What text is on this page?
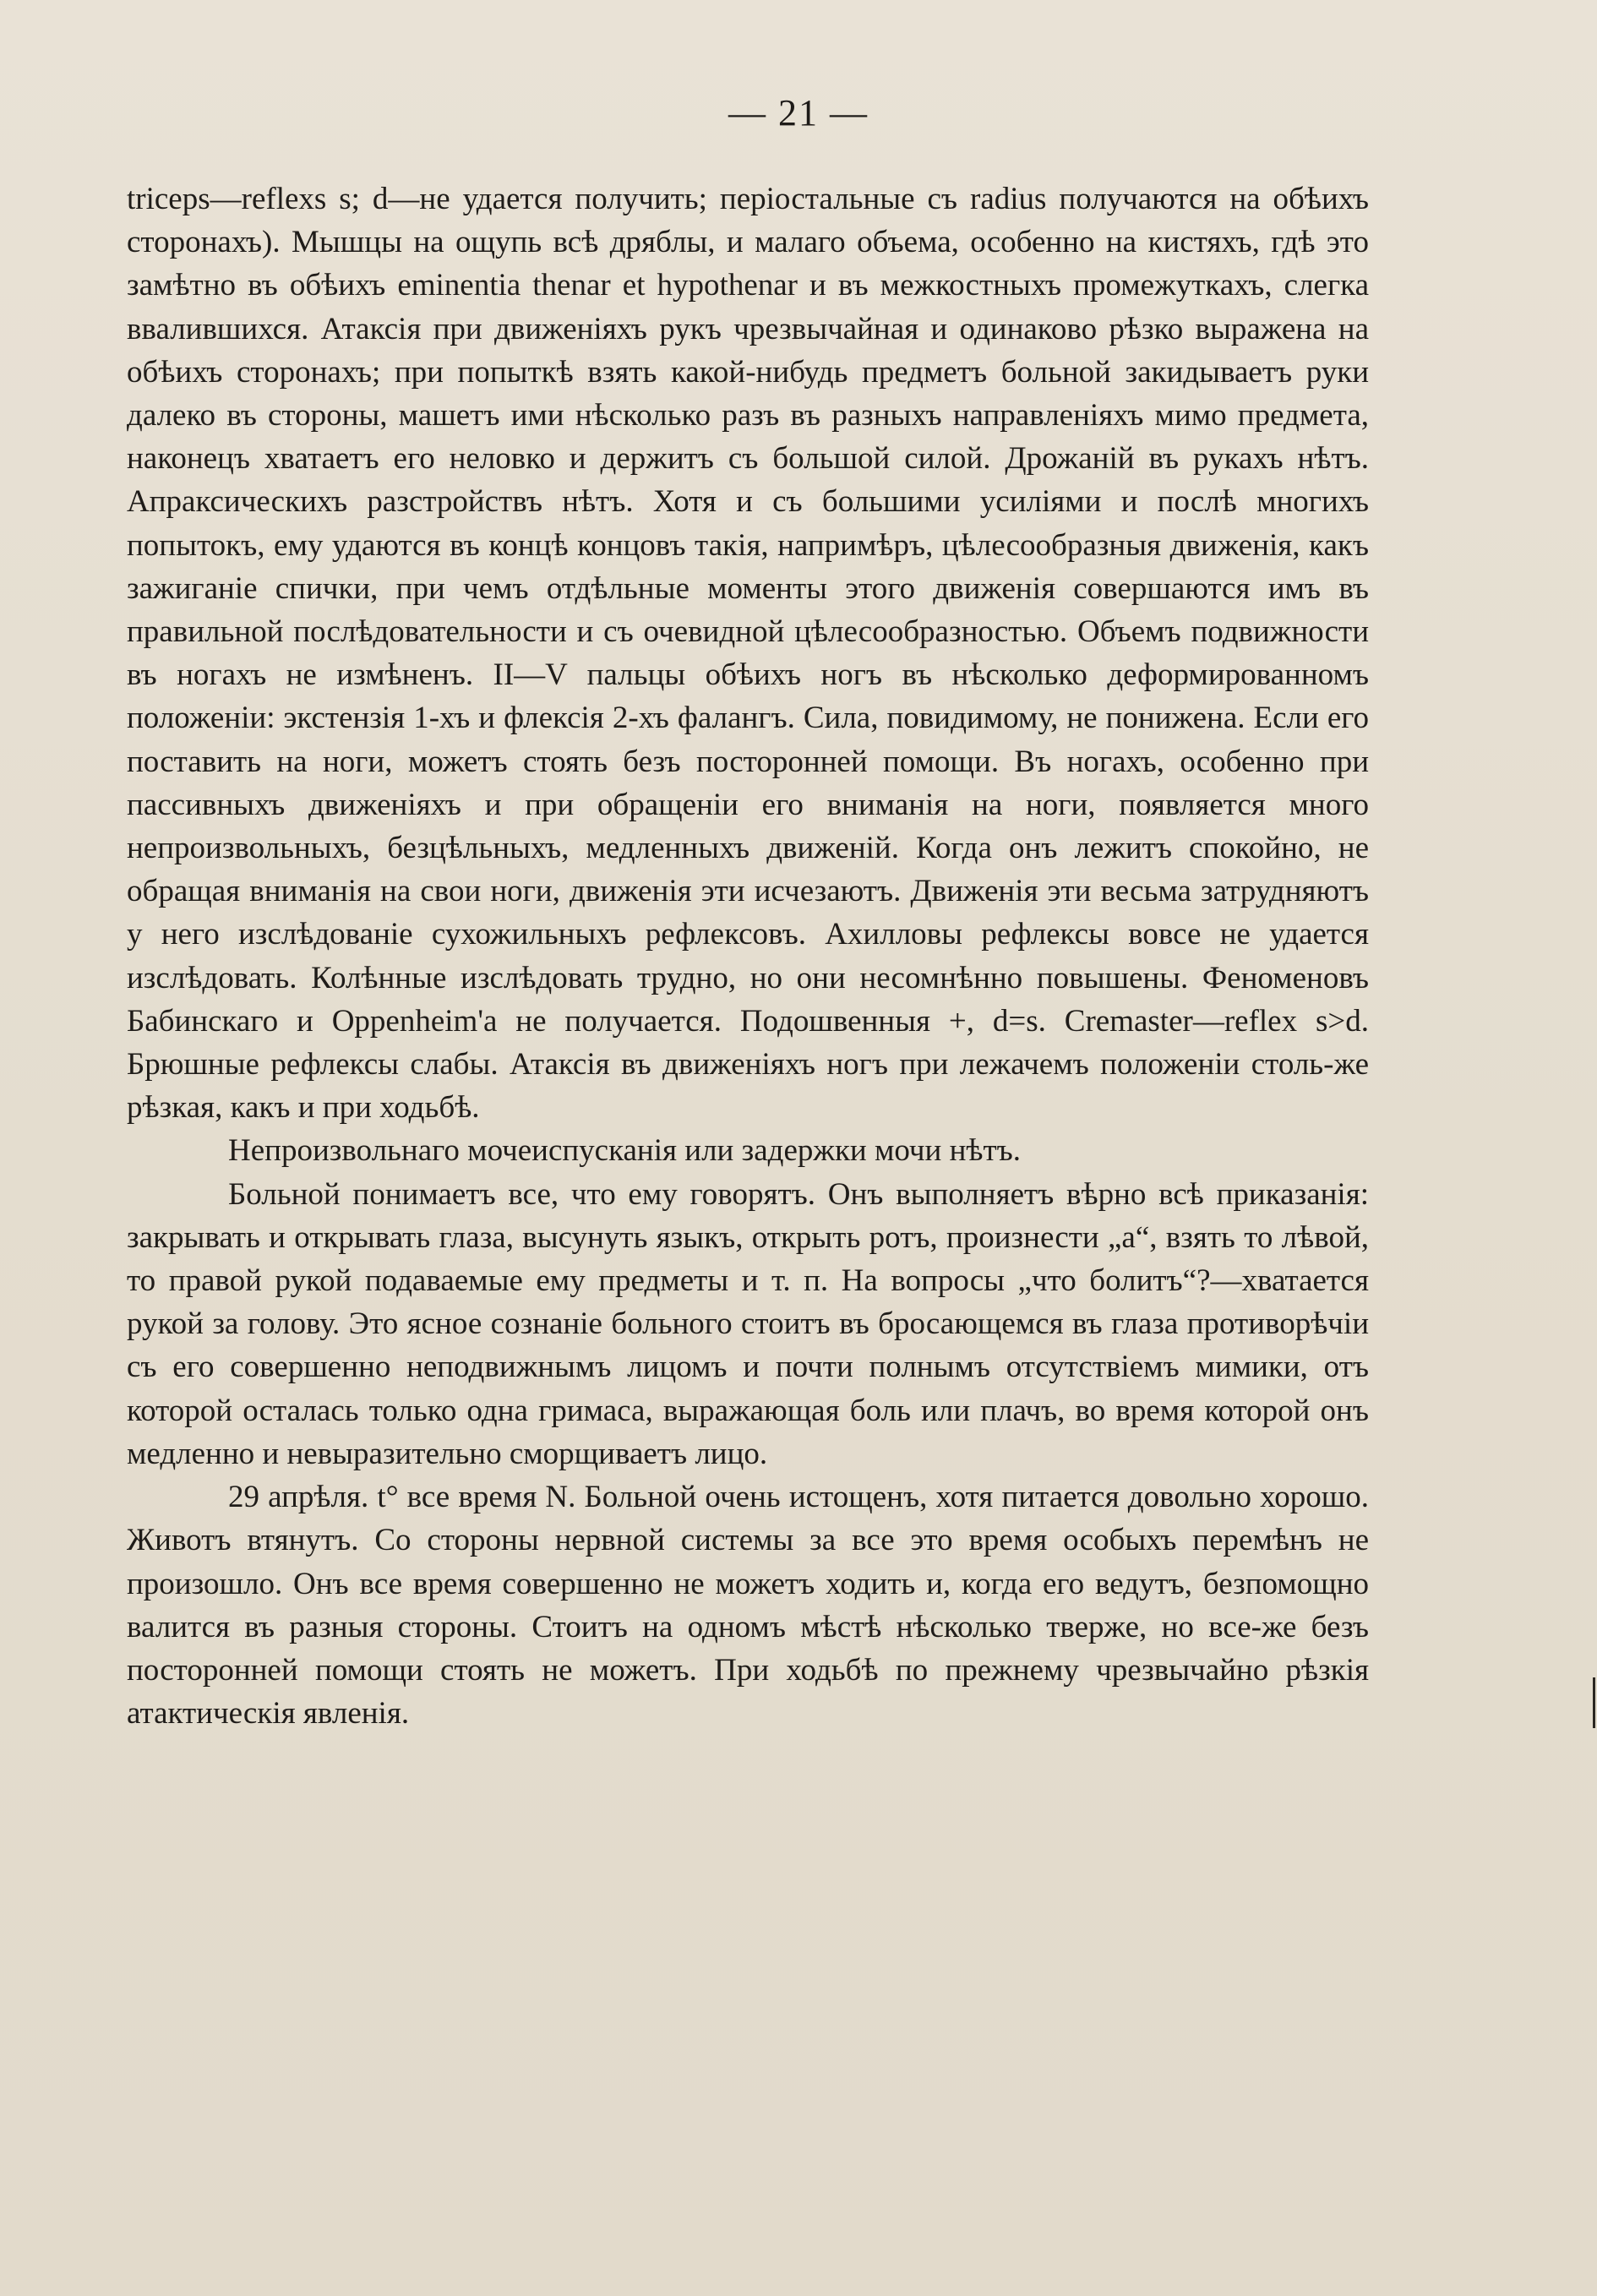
— 21 —

triceps—reflexs s; d—не удается получить; періостальные съ radius получаются на обѣихъ сторонахъ). Мышцы на ощупь всѣ дряблы, и малаго объема, особенно на кистяхъ, гдѣ это замѣтно въ обѣихъ eminentia thenar et hypothenar и въ межкостныхъ промежуткахъ, слегка ввалившихся. Атаксія при движеніяхъ рукъ чрезвычайная и одинаково рѣзко выражена на обѣихъ сторонахъ; при попыткѣ взять какой-нибудь предметъ больной закидываетъ руки далеко въ стороны, машетъ ими нѣсколько разъ въ разныхъ направленіяхъ мимо предмета, наконецъ хватаетъ его неловко и держитъ съ большой силой. Дрожаній въ рукахъ нѣтъ. Апраксическихъ разстройствъ нѣтъ. Хотя и съ большими усиліями и послѣ многихъ попытокъ, ему удаются въ концѣ концовъ такія, напримѣръ, цѣлесообразныя движенія, какъ зажиганіе спички, при чемъ отдѣльные моменты этого движенія совершаются имъ въ правильной послѣдовательности и съ очевидной цѣлесообразностью. Объемъ подвижности въ ногахъ не измѣненъ. II—V пальцы обѣихъ ногъ въ нѣсколько деформированномъ положеніи: экстензія 1-хъ и флексія 2-хъ фалангъ. Сила, повидимому, не понижена. Если его поставить на ноги, можетъ стоять безъ посторонней помощи. Въ ногахъ, особенно при пассивныхъ движеніяхъ и при обращеніи его вниманія на ноги, появляется много непроизвольныхъ, безцѣльныхъ, медленныхъ движеній. Когда онъ лежитъ спокойно, не обращая вниманія на свои ноги, движенія эти исчезаютъ. Движенія эти весьма затрудняютъ у него изслѣдованіе сухожильныхъ рефлексовъ. Ахилловы рефлексы вовсе не удается изслѣдовать. Колѣнные изслѣдовать трудно, но они несомнѣнно повышены. Феноменовъ Бабинскаго и Oppenheim'а не получается. Подошвенныя +, d=s. Cremaster—reflex s>d. Брюшные рефлексы слабы. Атаксія въ движеніяхъ ногъ при лежачемъ положеніи столь-же рѣзкая, какъ и при ходьбѣ.

Непроизвольнаго мочеиспусканія или задержки мочи нѣтъ.

Больной понимаетъ все, что ему говорятъ. Онъ выполняетъ вѣрно всѣ приказанія: закрывать и открывать глаза, высунуть языкъ, открыть ротъ, произнести „а“, взять то лѣвой, то правой рукой подаваемые ему предметы и т. п. На вопросы „что болитъ“?—хватается рукой за голову. Это ясное сознаніе больного стоитъ въ бросающемся въ глаза противорѣчіи съ его совершенно неподвижнымъ лицомъ и почти полнымъ отсутствіемъ мимики, отъ которой осталась только одна гримаса, выражающая боль или плачъ, во время которой онъ медленно и невыразительно сморщиваетъ лицо.

29 апрѣля. t° все время N. Больной очень истощенъ, хотя питается довольно хорошо. Животъ втянутъ. Со стороны нервной системы за все это время особыхъ перемѣнъ не произошло. Онъ все время совершенно не можетъ ходить и, когда его ведутъ, безпомощно валится въ разныя стороны. Стоитъ на одномъ мѣстѣ нѣсколько тверже, но все-же безъ посторонней помощи стоять не можетъ. При ходьбѣ по прежнему чрезвычайно рѣзкія атактическія явленія.
